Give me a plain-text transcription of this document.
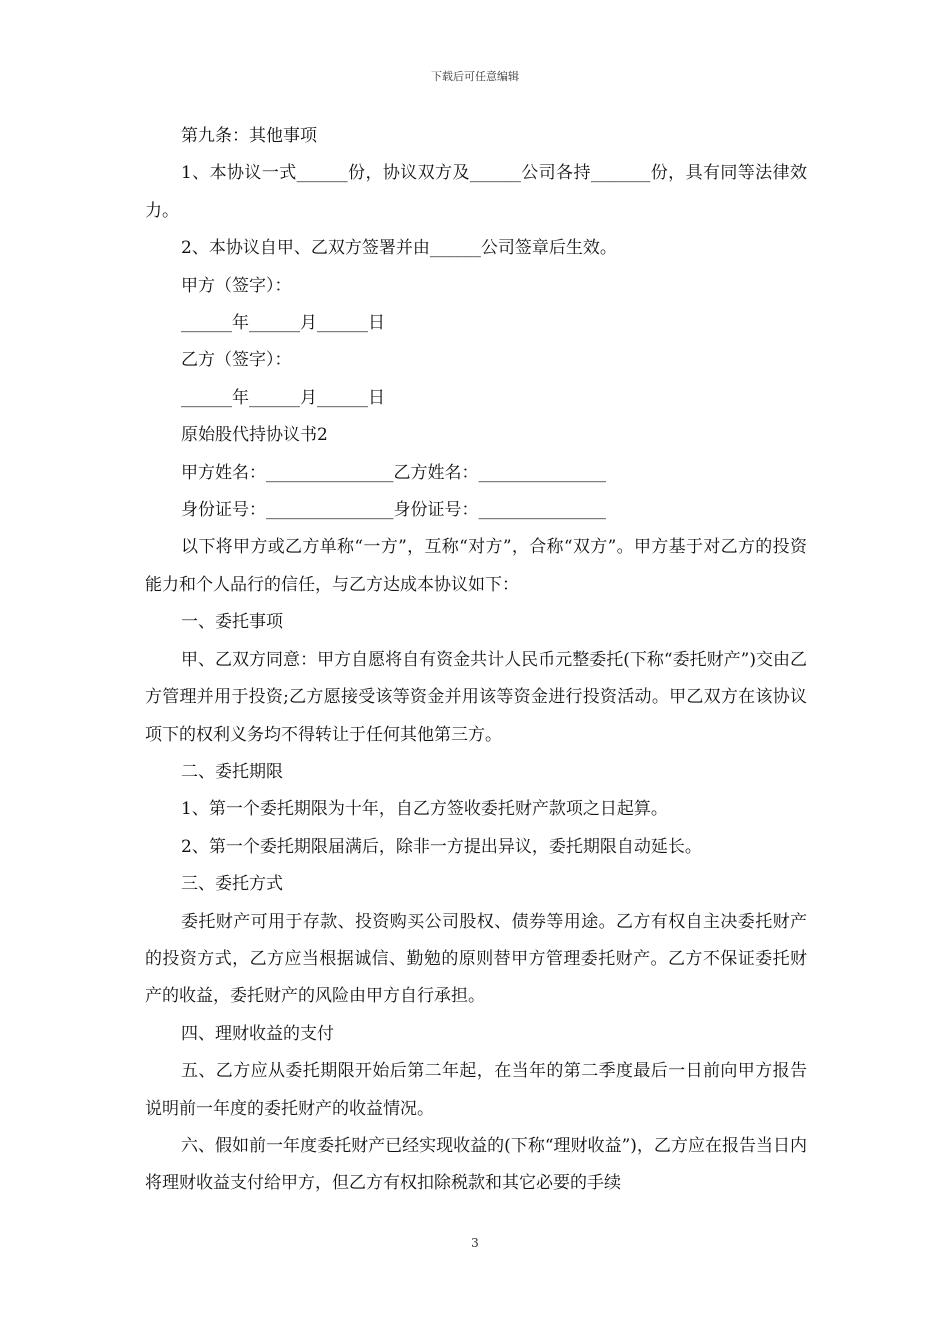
下载后可任意编辑

第九条：其他事项

1、本协议一式______份，协议双方及______公司各持_______份，具有同等法律效力。

2、本协议自甲、乙双方签署并由______公司签章后生效。

甲方（签字）：

______年______月______日

乙方（签字）：

______年______月______日

原始股代持协议书2

甲方姓名：_______________乙方姓名：_______________

身份证号：_______________身份证号：_______________

以下将甲方或乙方单称“一方”，互称“对方”，合称“双方”。甲方基于对乙方的投资能力和个人品行的信任，与乙方达成本协议如下：

一、委托事项

甲、乙双方同意：甲方自愿将自有资金共计人民币元整委托(下称“委托财产”)交由乙方管理并用于投资;乙方愿接受该等资金并用该等资金进行投资活动。甲乙双方在该协议项下的权利义务均不得转让于任何其他第三方。

二、委托期限

1、第一个委托期限为十年，自乙方签收委托财产款项之日起算。

2、第一个委托期限届满后，除非一方提出异议，委托期限自动延长。

三、委托方式

委托财产可用于存款、投资购买公司股权、债券等用途。乙方有权自主决委托财产的投资方式，乙方应当根据诚信、勤勉的原则替甲方管理委托财产。乙方不保证委托财产的收益，委托财产的风险由甲方自行承担。

四、理财收益的支付

五、乙方应从委托期限开始后第二年起，在当年的第二季度最后一日前向甲方报告说明前一年度的委托财产的收益情况。

六、假如前一年度委托财产已经实现收益的(下称“理财收益”)，乙方应在报告当日内将理财收益支付给甲方，但乙方有权扣除税款和其它必要的手续

3
